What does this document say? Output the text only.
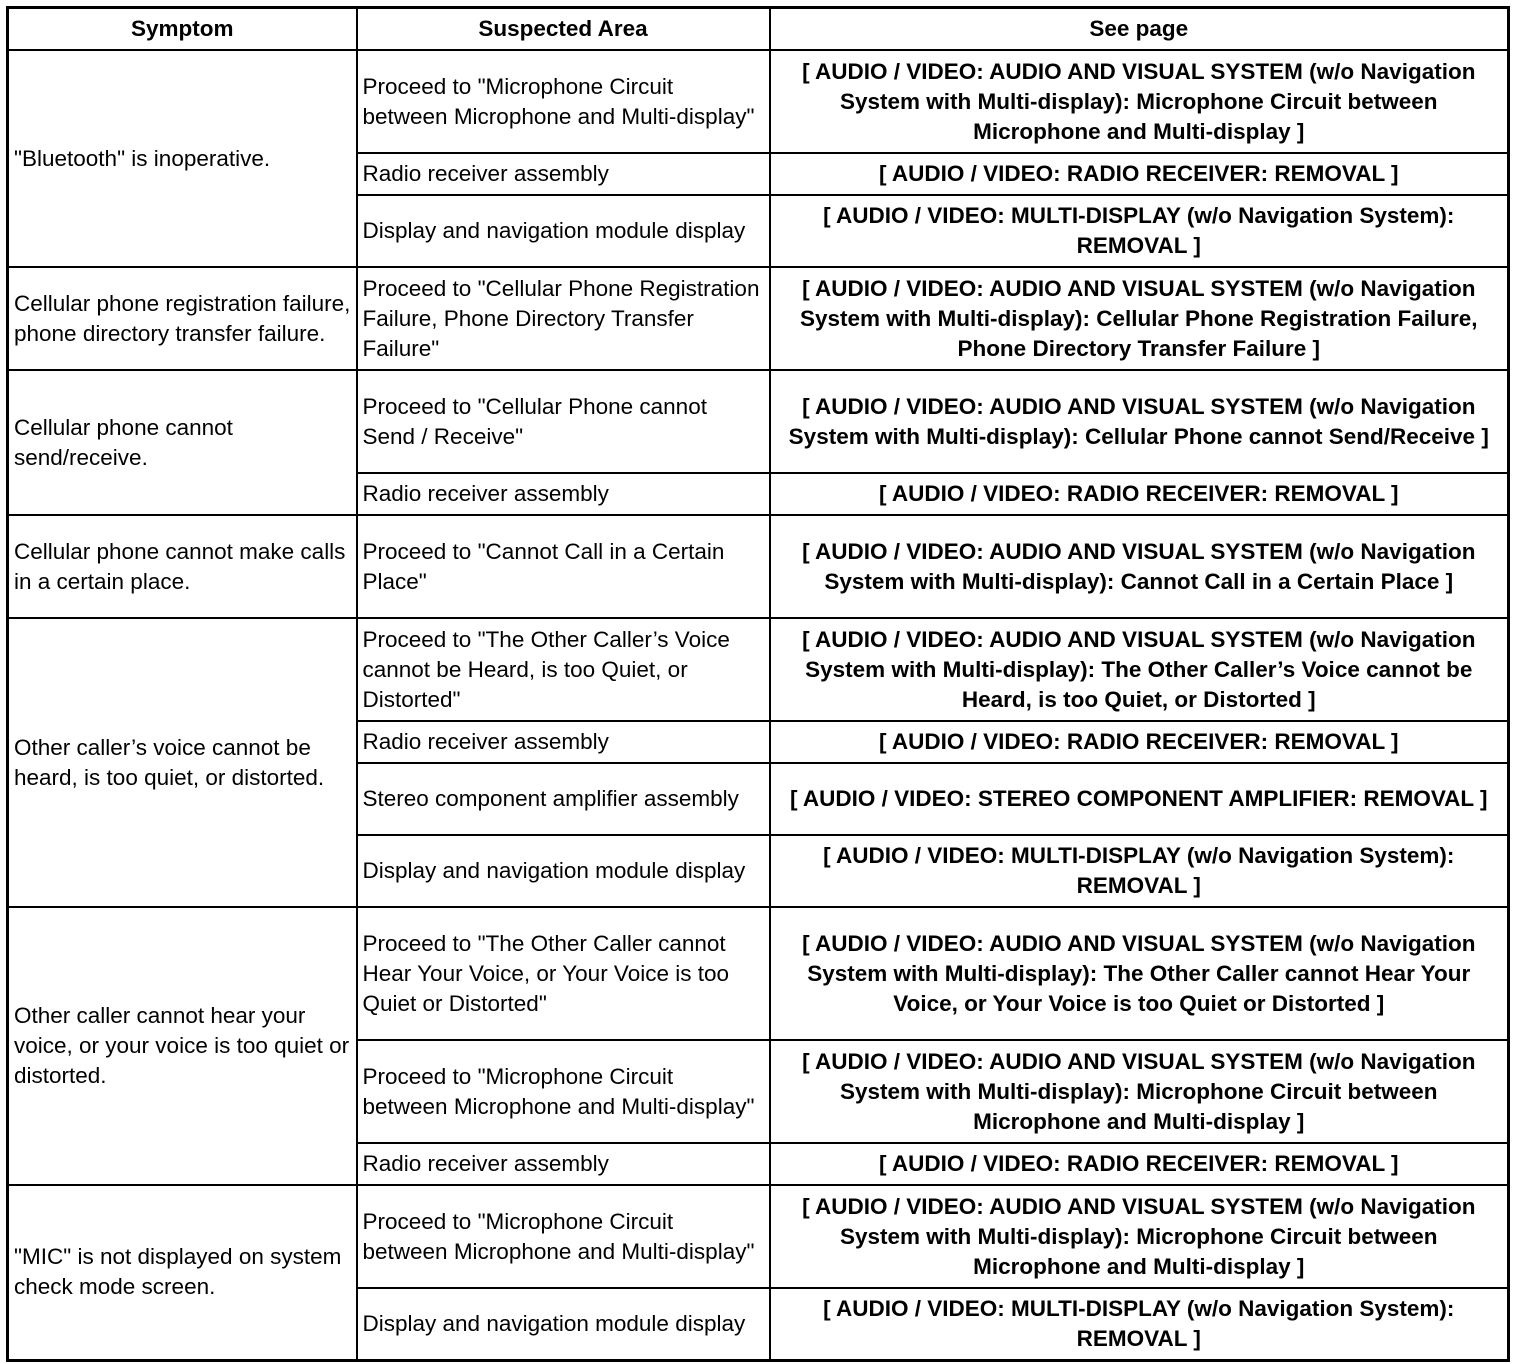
Symptom	Suspected Area	See page
"Bluetooth" is inoperative.	Proceed to "Microphone Circuit between Microphone and Multi-display"	[ AUDIO / VIDEO: AUDIO AND VISUAL SYSTEM (w/o Navigation System with Multi-display): Microphone Circuit between Microphone and Multi-display ]
	Radio receiver assembly	[ AUDIO / VIDEO: RADIO RECEIVER: REMOVAL ]
	Display and navigation module display	[ AUDIO / VIDEO: MULTI-DISPLAY (w/o Navigation System): REMOVAL ]
Cellular phone registration failure, phone directory transfer failure.	Proceed to "Cellular Phone Registration Failure, Phone Directory Transfer Failure"	[ AUDIO / VIDEO: AUDIO AND VISUAL SYSTEM (w/o Navigation System with Multi-display): Cellular Phone Registration Failure, Phone Directory Transfer Failure ]
Cellular phone cannot send/receive.	Proceed to "Cellular Phone cannot Send / Receive"	[ AUDIO / VIDEO: AUDIO AND VISUAL SYSTEM (w/o Navigation System with Multi-display): Cellular Phone cannot Send/Receive ]
	Radio receiver assembly	[ AUDIO / VIDEO: RADIO RECEIVER: REMOVAL ]
Cellular phone cannot make calls in a certain place.	Proceed to "Cannot Call in a Certain Place"	[ AUDIO / VIDEO: AUDIO AND VISUAL SYSTEM (w/o Navigation System with Multi-display): Cannot Call in a Certain Place ]
Other caller’s voice cannot be heard, is too quiet, or distorted.	Proceed to "The Other Caller’s Voice cannot be Heard, is too Quiet, or Distorted"	[ AUDIO / VIDEO: AUDIO AND VISUAL SYSTEM (w/o Navigation System with Multi-display): The Other Caller’s Voice cannot be Heard, is too Quiet, or Distorted ]
	Radio receiver assembly	[ AUDIO / VIDEO: RADIO RECEIVER: REMOVAL ]
	Stereo component amplifier assembly	[ AUDIO / VIDEO: STEREO COMPONENT AMPLIFIER: REMOVAL ]
	Display and navigation module display	[ AUDIO / VIDEO: MULTI-DISPLAY (w/o Navigation System): REMOVAL ]
Other caller cannot hear your voice, or your voice is too quiet or distorted.	Proceed to "The Other Caller cannot Hear Your Voice, or Your Voice is too Quiet or Distorted"	[ AUDIO / VIDEO: AUDIO AND VISUAL SYSTEM (w/o Navigation System with Multi-display): The Other Caller cannot Hear Your Voice, or Your Voice is too Quiet or Distorted ]
	Proceed to "Microphone Circuit between Microphone and Multi-display"	[ AUDIO / VIDEO: AUDIO AND VISUAL SYSTEM (w/o Navigation System with Multi-display): Microphone Circuit between Microphone and Multi-display ]
	Radio receiver assembly	[ AUDIO / VIDEO: RADIO RECEIVER: REMOVAL ]
"MIC" is not displayed on system check mode screen.	Proceed to "Microphone Circuit between Microphone and Multi-display"	[ AUDIO / VIDEO: AUDIO AND VISUAL SYSTEM (w/o Navigation System with Multi-display): Microphone Circuit between Microphone and Multi-display ]
	Display and navigation module display	[ AUDIO / VIDEO: MULTI-DISPLAY (w/o Navigation System): REMOVAL ]
